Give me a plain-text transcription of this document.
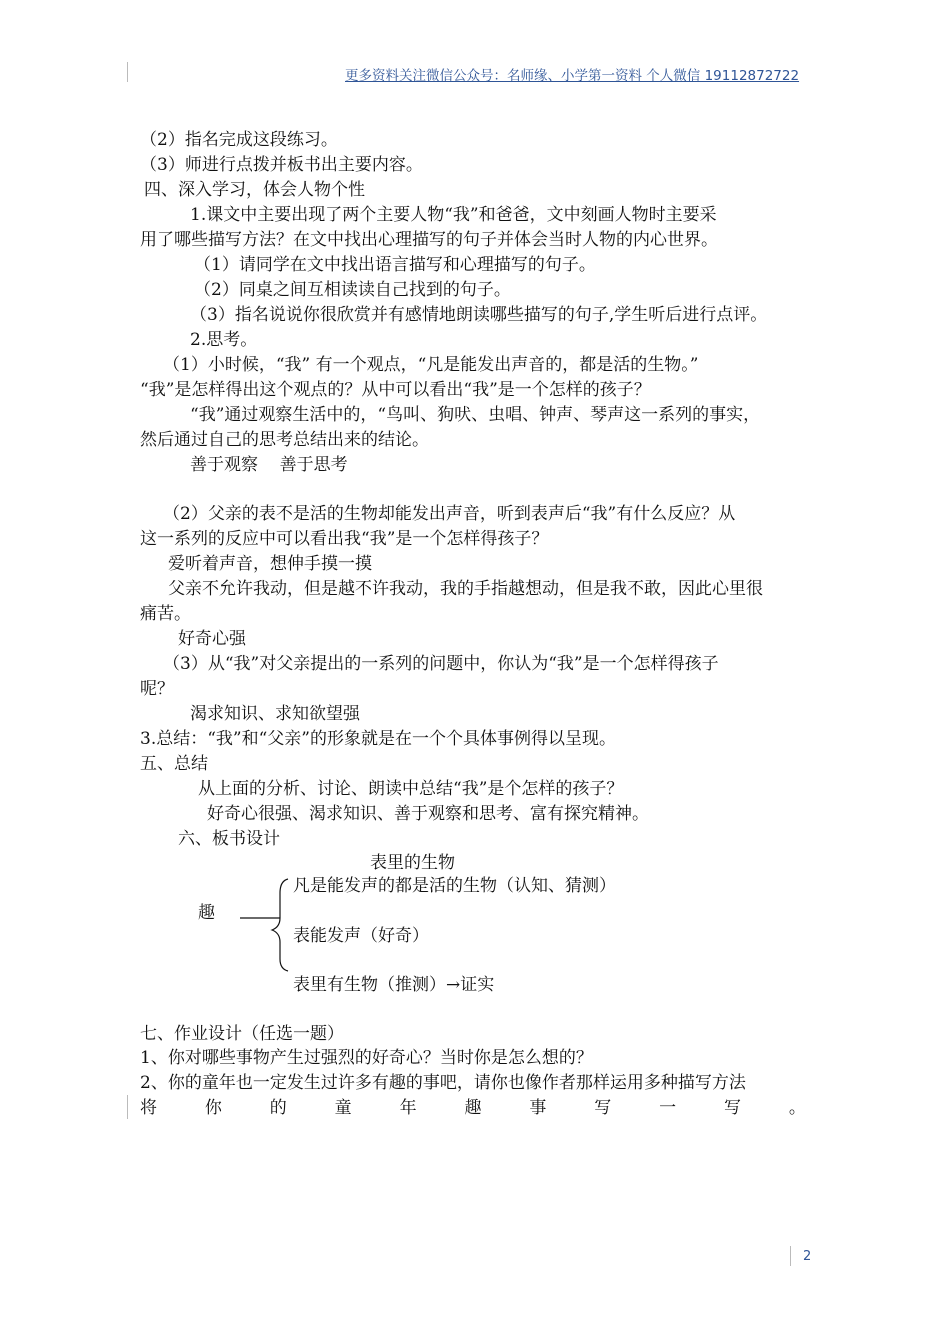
更多资料关注微信公众号：名师缘、小学第一资料 个人微信 19112872722
（2）指名完成这段练习。
（3）师进行点拨并板书出主要内容。
四、深入学习，体会人物个性
1.课文中主要出现了两个主要人物“我”和爸爸，文中刻画人物时主要采
用了哪些描写方法？在文中找出心理描写的句子并体会当时人物的内心世界。
（1）请同学在文中找出语言描写和心理描写的句子。
（2）同桌之间互相读读自己找到的句子。
（3）指名说说你很欣赏并有感情地朗读哪些描写的句子,学生听后进行点评。
2.思考。
（1）小时候，“我” 有一个观点，“凡是能发出声音的，都是活的生物。”
“我”是怎样得出这个观点的？从中可以看出“我”是一个怎样的孩子？
“我”通过观察生活中的，“鸟叫、狗吠、虫唱、钟声、琴声这一系列的事实，
然后通过自己的思考总结出来的结论。
善于观察    善于思考
（2）父亲的表不是活的生物却能发出声音，听到表声后“我”有什么反应？从
这一系列的反应中可以看出我“我”是一个怎样得孩子？
爱听着声音，想伸手摸一摸
父亲不允许我动，但是越不许我动，我的手指越想动，但是我不敢，因此心里很
痛苦。
好奇心强
（3）从“我”对父亲提出的一系列的问题中，你认为“我”是一个怎样得孩子
呢？
渴求知识、求知欲望强
3.总结：“我”和“父亲”的形象就是在一个个具体事例得以呈现。
五、总结
从上面的分析、讨论、朗读中总结“我”是个怎样的孩子？
好奇心很强、渴求知识、善于观察和思考、富有探究精神。
六、板书设计
表里的生物
趣
凡是能发声的都是活的生物（认知、猜测）
表能发声（好奇）
表里有生物（推测）→证实
七、作业设计（任选一题）
1、你对哪些事物产生过强烈的好奇心？当时你是怎么想的？
2、你的童年也一定发生过许多有趣的事吧，请你也像作者那样运用多种描写方法
将	你	的	童	年	趣	事	写	一	写	。
2
